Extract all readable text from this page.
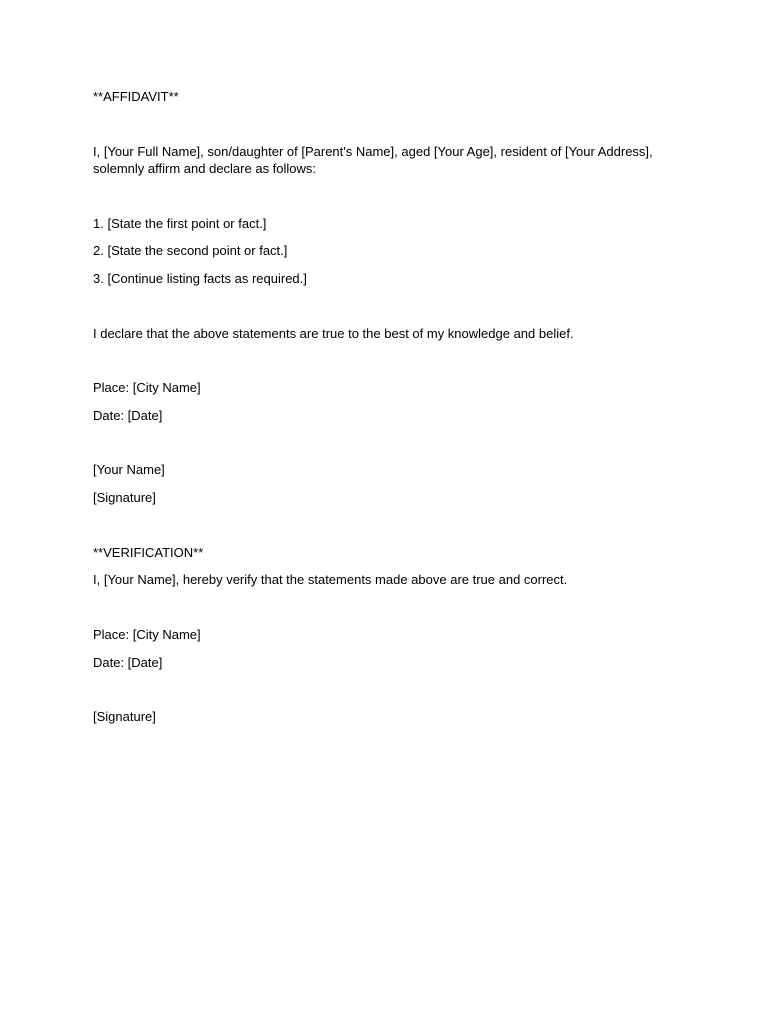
**AFFIDAVIT**

I, [Your Full Name], son/daughter of [Parent's Name], aged [Your Age], resident of [Your Address],
solemnly affirm and declare as follows:

1. [State the first point or fact.]

2. [State the second point or fact.]

3. [Continue listing facts as required.]

I declare that the above statements are true to the best of my knowledge and belief.

Place: [City Name]

Date: [Date]

[Your Name]

[Signature]

**VERIFICATION**

I, [Your Name], hereby verify that the statements made above are true and correct.

Place: [City Name]

Date: [Date]

[Signature]
